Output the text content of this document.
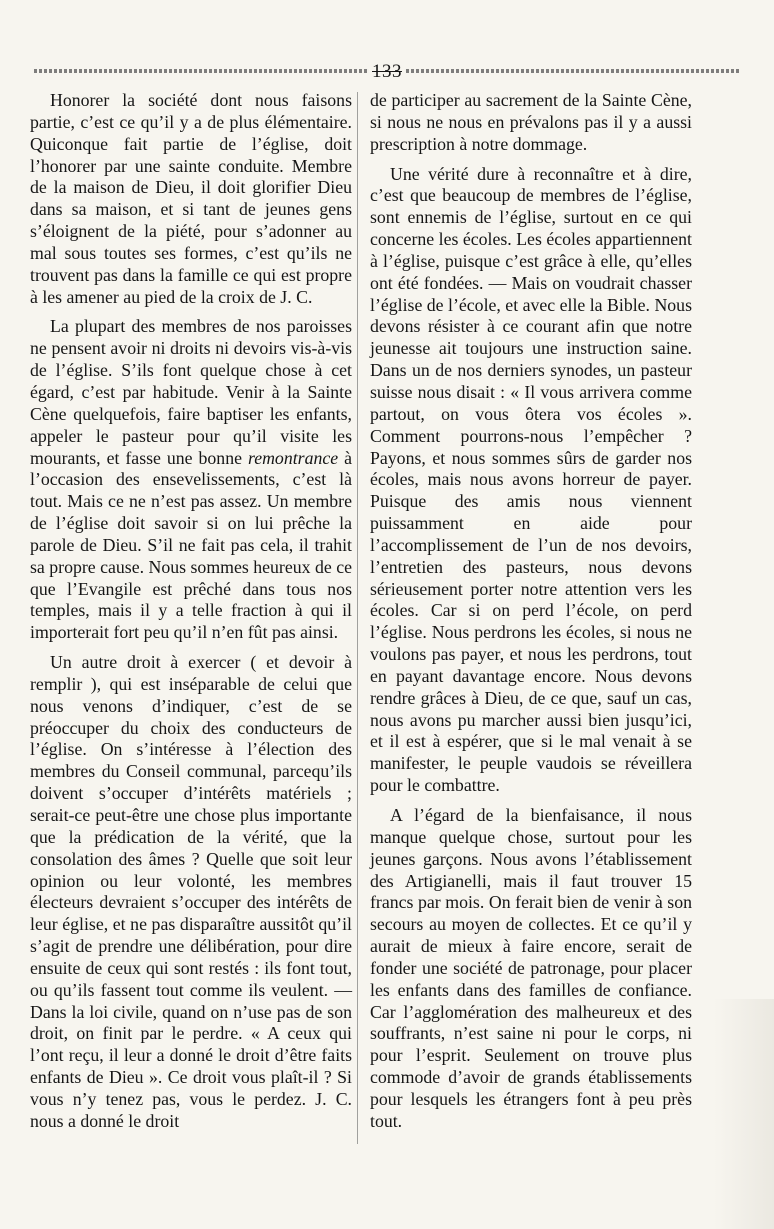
133

Honorer la société dont nous faisons partie, c’est ce qu’il y a de plus élémentaire. Quiconque fait partie de l’église, doit l’honorer par une sainte conduite. Membre de la maison de Dieu, il doit glorifier Dieu dans sa maison, et si tant de jeunes gens s’éloignent de la piété, pour s’adonner au mal sous toutes ses formes, c’est qu’ils ne trouvent pas dans la famille ce qui est propre à les amener au pied de la croix de J. C.

La plupart des membres de nos paroisses ne pensent avoir ni droits ni devoirs vis-à-vis de l’église. S’ils font quelque chose à cet égard, c’est par habitude. Venir à la Sainte Cène quelquefois, faire baptiser les enfants, appeler le pasteur pour qu’il visite les mourants, et fasse une bonne remontrance à l’occasion des ensevelissements, c’est là tout. Mais ce ne n’est pas assez. Un membre de l’église doit savoir si on lui prêche la parole de Dieu. S’il ne fait pas cela, il trahit sa propre cause. Nous sommes heureux de ce que l’Evangile est prêché dans tous nos temples, mais il y a telle fraction à qui il importerait fort peu qu’il n’en fût pas ainsi.

Un autre droit à exercer ( et devoir à remplir ), qui est inséparable de celui que nous venons d’indiquer, c’est de se préoccuper du choix des conducteurs de l’église. On s’intéresse à l’élection des membres du Conseil communal, parcequ’ils doivent s’occuper d’intérêts matériels ; serait-ce peut-être une chose plus importante que la prédication de la vérité, que la consolation des âmes ? Quelle que soit leur opinion ou leur volonté, les membres électeurs devraient s’occuper des intérêts de leur église, et ne pas disparaître aussitôt qu’il s’agit de prendre une délibération, pour dire ensuite de ceux qui sont restés : ils font tout, ou qu’ils fassent tout comme ils veulent. — Dans la loi civile, quand on n’use pas de son droit, on finit par le perdre. « A ceux qui l’ont reçu, il leur a donné le droit d’être faits enfants de Dieu ». Ce droit vous plaît-il ? Si vous n’y tenez pas, vous le perdez. J. C. nous a donné le droit

de participer au sacrement de la Sainte Cène, si nous ne nous en prévalons pas il y a aussi prescription à notre dommage.

Une vérité dure à reconnaître et à dire, c’est que beaucoup de membres de l’église, sont ennemis de l’église, surtout en ce qui concerne les écoles. Les écoles appartiennent à l’église, puisque c’est grâce à elle, qu’elles ont été fondées. — Mais on voudrait chasser l’église de l’école, et avec elle la Bible. Nous devons résister à ce courant afin que notre jeunesse ait toujours une instruction saine. Dans un de nos derniers synodes, un pasteur suisse nous disait : « Il vous arrivera comme partout, on vous ôtera vos écoles ». Comment pourrons-nous l’empêcher ? Payons, et nous sommes sûrs de garder nos écoles, mais nous avons horreur de payer. Puisque des amis nous viennent puissamment en aide pour l’accomplissement de l’un de nos devoirs, l’entretien des pasteurs, nous devons sérieusement porter notre attention vers les écoles. Car si on perd l’école, on perd l’église. Nous perdrons les écoles, si nous ne voulons pas payer, et nous les perdrons, tout en payant davantage encore. Nous devons rendre grâces à Dieu, de ce que, sauf un cas, nous avons pu marcher aussi bien jusqu’ici, et il est à espérer, que si le mal venait à se manifester, le peuple vaudois se réveillera pour le combattre.

A l’égard de la bienfaisance, il nous manque quelque chose, surtout pour les jeunes garçons. Nous avons l’établissement des Artigianelli, mais il faut trouver 15 francs par mois. On ferait bien de venir à son secours au moyen de collectes. Et ce qu’il y aurait de mieux à faire encore, serait de fonder une société de patronage, pour placer les enfants dans des familles de confiance. Car l’agglomération des malheureux et des souffrants, n’est saine ni pour le corps, ni pour l’esprit. Seulement on trouve plus commode d’avoir de grands établissements pour lesquels les étrangers font à peu près tout.
